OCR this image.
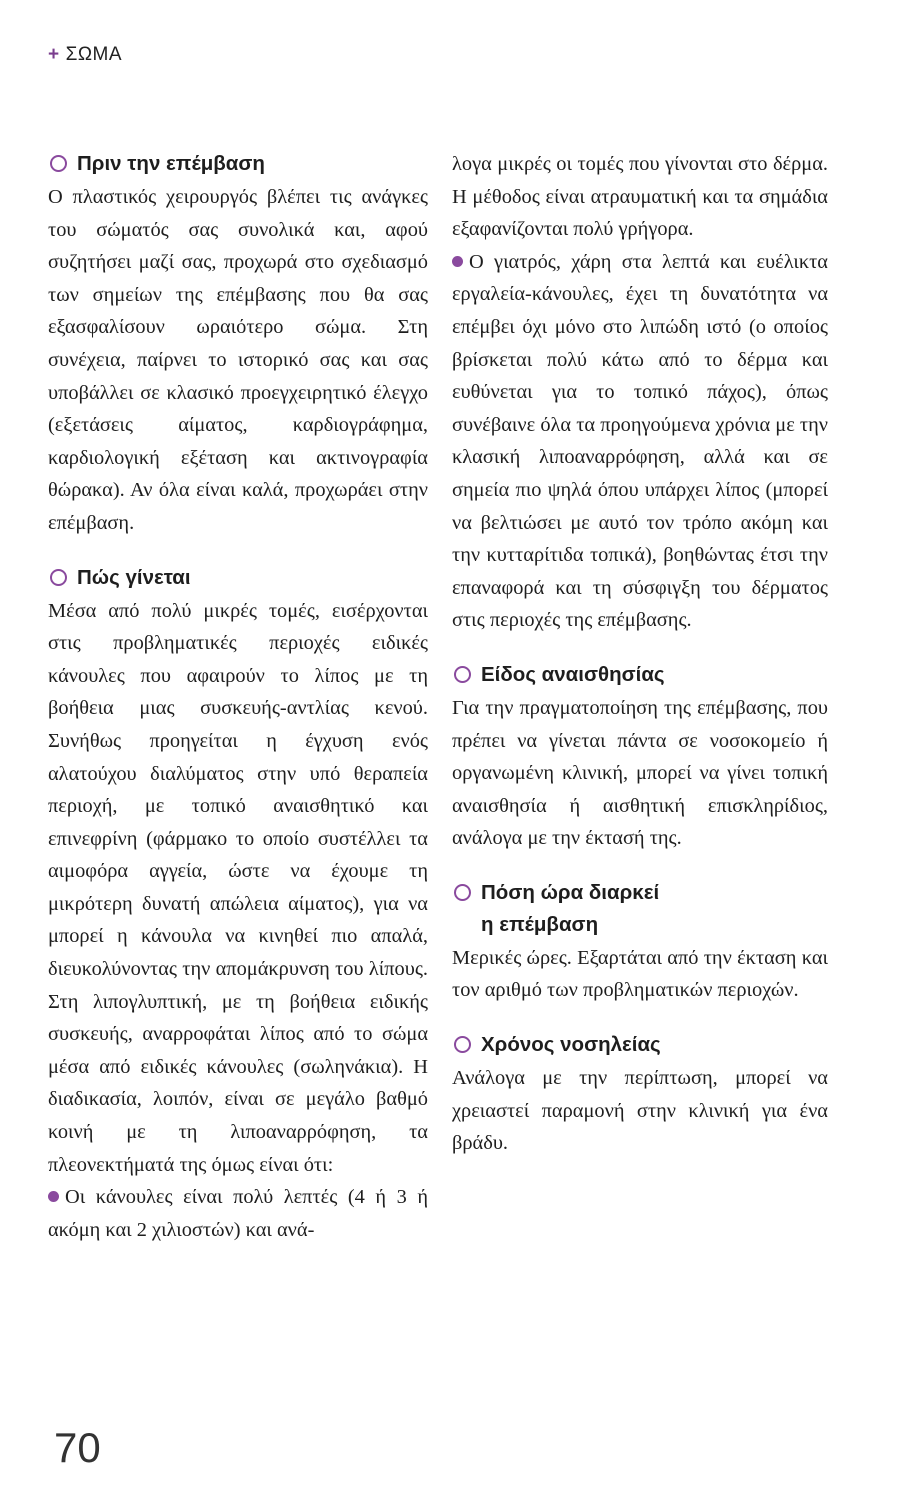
+ ΣΩΜΑ
Πριν την επέμβαση

Ο πλαστικός χειρουργός βλέπει τις ανάγκες του σώματός σας συνολικά και, αφού συζητήσει μαζί σας, προχωρά στο σχεδιασμό των σημείων της επέμβασης που θα σας εξασφαλίσουν ωραιότερο σώμα. Στη συνέχεια, παίρνει το ιστορικό σας και σας υποβάλλει σε κλασικό προεγχειρητικό έλεγχο (εξετάσεις αίματος, καρδιογράφημα, καρδιολογική εξέταση και ακτινογραφία θώρακα). Αν όλα είναι καλά, προχωράει στην επέμβαση.

Πώς γίνεται

Μέσα από πολύ μικρές τομές, εισέρχονται στις προβληματικές περιοχές ειδικές κάνουλες που αφαιρούν το λίπος με τη βοήθεια μιας συσκευής-αντλίας κενού. Συνήθως προηγείται η έγχυση ενός αλατούχου διαλύματος στην υπό θεραπεία περιοχή, με τοπικό αναισθητικό και επινεφρίνη (φάρμακο το οποίο συστέλλει τα αιμοφόρα αγγεία, ώστε να έχουμε τη μικρότερη δυνατή απώλεια αίματος), για να μπορεί η κάνουλα να κινηθεί πιο απαλά, διευκολύνοντας την απομάκρυνση του λίπους. Στη λιπογλυπτική, με τη βοήθεια ειδικής συσκευής, αναρροφάται λίπος από το σώμα μέσα από ειδικές κάνουλες (σωληνάκια). Η διαδικασία, λοιπόν, είναι σε μεγάλο βαθμό κοινή με τη λιποαναρρόφηση, τα πλεονεκτήματά της όμως είναι ότι:

Οι κάνουλες είναι πολύ λεπτές (4 ή 3 ή ακόμη και 2 χιλιοστών) και ανά-

λογα μικρές οι τομές που γίνονται στο δέρμα. Η μέθοδος είναι ατραυματική και τα σημάδια εξαφανίζονται πολύ γρήγορα.

Ο γιατρός, χάρη στα λεπτά και ευέλικτα εργαλεία-κάνουλες, έχει τη δυνατότητα να επέμβει όχι μόνο στο λιπώδη ιστό (ο οποίος βρίσκεται πολύ κάτω από το δέρμα και ευθύνεται για το τοπικό πάχος), όπως συνέβαινε όλα τα προηγούμενα χρόνια με την κλασική λιποαναρρόφηση, αλλά και σε σημεία πιο ψηλά όπου υπάρχει λίπος (μπορεί να βελτιώσει με αυτό τον τρόπο ακόμη και την κυτταρίτιδα τοπικά), βοηθώντας έτσι την επαναφορά και τη σύσφιγξη του δέρματος στις περιοχές της επέμβασης.

Είδος αναισθησίας

Για την πραγματοποίηση της επέμβασης, που πρέπει να γίνεται πάντα σε νοσοκομείο ή οργανωμένη κλινική, μπορεί να γίνει τοπική αναισθησία ή αισθητική επισκληρίδιος, ανάλογα με την έκτασή της.

Πόση ώρα διαρκεί
η επέμβαση

Μερικές ώρες. Εξαρτάται από την έκταση και τον αριθμό των προβληματικών περιοχών.

Χρόνος νοσηλείας

Ανάλογα με την περίπτωση, μπορεί να χρειαστεί παραμονή στην κλινική για ένα βράδυ.

70
